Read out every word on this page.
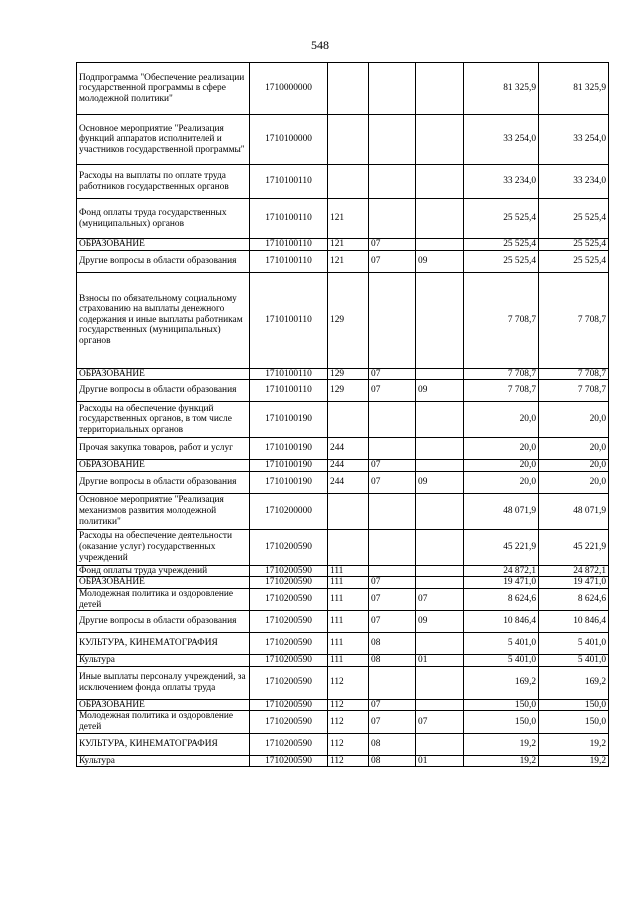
548
Подпрограмма "Обеспечение реализации государственной программы в сфере молодежной политики"	1710000000				81 325,9	81 325,9
Основное мероприятие "Реализация функций аппаратов исполнителей и участников государственной программы"	1710100000				33 254,0	33 254,0
Расходы на выплаты по оплате труда работников государственных органов	1710100110				33 234,0	33 234,0
Фонд оплаты труда государственных (муниципальных) органов	1710100110	121			25 525,4	25 525,4
ОБРАЗОВАНИЕ	1710100110	121	07		25 525,4	25 525,4
Другие вопросы в области образования	1710100110	121	07	09	25 525,4	25 525,4
Взносы по обязательному социальному страхованию на выплаты денежного содержания и иные выплаты работникам государственных (муниципальных) органов	1710100110	129			7 708,7	7 708,7
ОБРАЗОВАНИЕ	1710100110	129	07		7 708,7	7 708,7
Другие вопросы в области образования	1710100110	129	07	09	7 708,7	7 708,7
Расходы на обеспечение функций государственных органов, в том числе территориальных органов	1710100190				20,0	20,0
Прочая закупка товаров, работ и услуг	1710100190	244			20,0	20,0
ОБРАЗОВАНИЕ	1710100190	244	07		20,0	20,0
Другие вопросы в области образования	1710100190	244	07	09	20,0	20,0
Основное мероприятие "Реализация механизмов развития молодежной политики"	1710200000				48 071,9	48 071,9
Расходы на обеспечение деятельности (оказание услуг) государственных учреждений	1710200590				45 221,9	45 221,9
Фонд оплаты труда учреждений	1710200590	111			24 872,1	24 872,1
ОБРАЗОВАНИЕ	1710200590	111	07		19 471,0	19 471,0
Молодежная политика и оздоровление детей	1710200590	111	07	07	8 624,6	8 624,6
Другие вопросы в области образования	1710200590	111	07	09	10 846,4	10 846,4
КУЛЬТУРА, КИНЕМАТОГРАФИЯ	1710200590	111	08		5 401,0	5 401,0
Культура	1710200590	111	08	01	5 401,0	5 401,0
Иные выплаты персоналу учреждений, за исключением фонда оплаты труда	1710200590	112			169,2	169,2
ОБРАЗОВАНИЕ	1710200590	112	07		150,0	150,0
Молодежная политика и оздоровление детей	1710200590	112	07	07	150,0	150,0
КУЛЬТУРА, КИНЕМАТОГРАФИЯ	1710200590	112	08		19,2	19,2
Культура	1710200590	112	08	01	19,2	19,2
